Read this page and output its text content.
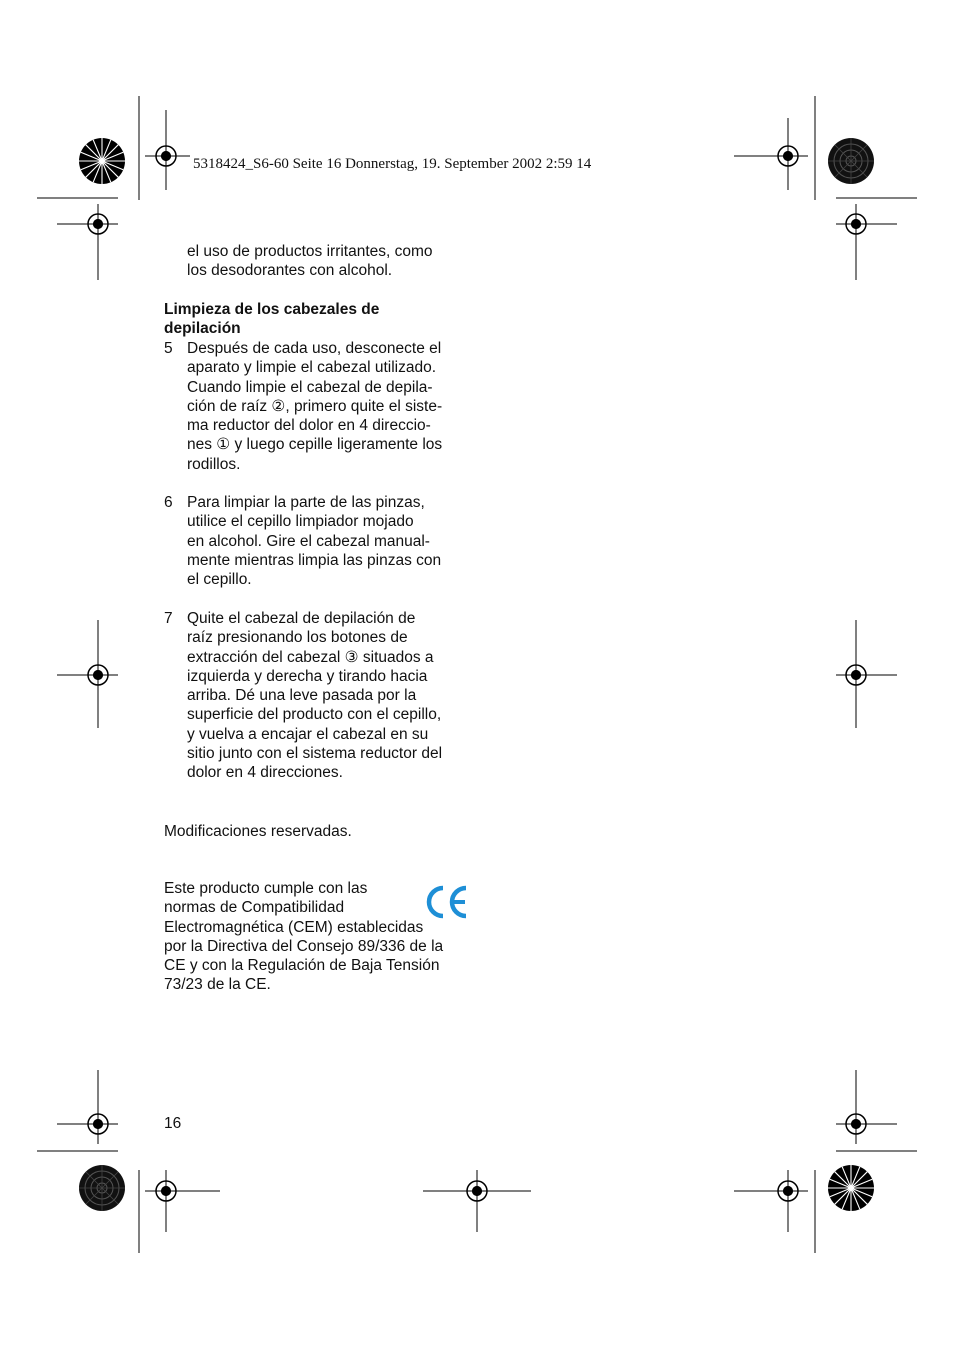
5318424_S6-60 Seite 16 Donnerstag, 19. September 2002 2:59 14
el uso de productos irritantes, como
los desodorantes con alcohol.
Limpieza de los cabezales de
depilación
5 Después de cada uso, desconecte el
aparato y limpie el cabezal utilizado.
Cuando limpie el cabezal de depila-
ción de raíz ②, primero quite el siste-
ma reductor del dolor en 4 direccio-
nes ① y luego cepille ligeramente los
rodillos.
6 Para limpiar la parte de las pinzas,
utilice el cepillo limpiador mojado
en alcohol. Gire el cabezal manual-
mente mientras limpia las pinzas con
el cepillo.
7 Quite el cabezal de depilación de
raíz presionando los botones de
extracción del cabezal ③ situados a
izquierda y derecha y tirando hacia
arriba. Dé una leve pasada por la
superficie del producto con el cepillo,
y vuelva a encajar el cabezal en su
sitio junto con el sistema reductor del
dolor en 4 direcciones.
Modificaciones reservadas.
Este producto cumple con las
normas de Compatibilidad
Electromagnética (CEM) establecidas
por la Directiva del Consejo 89/336 de la
CE y con la Regulación de Baja Tensión
73/23 de la CE.
16
